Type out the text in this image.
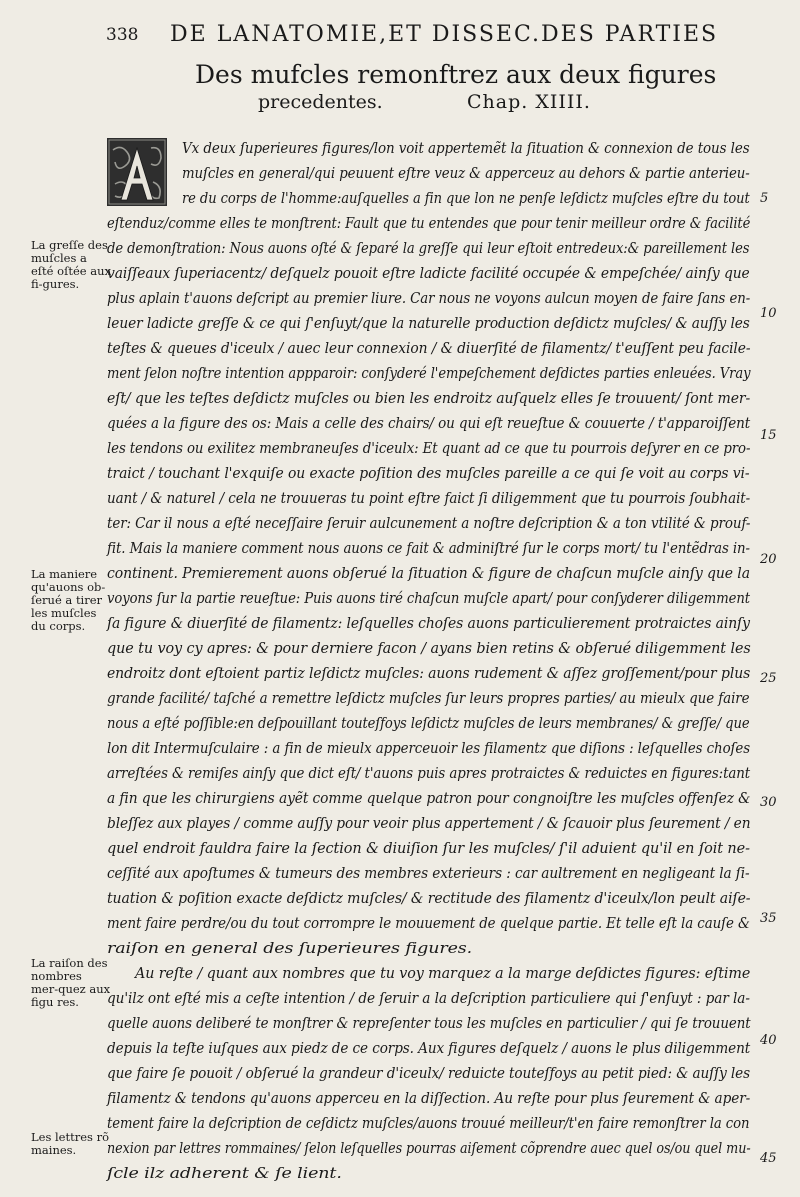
338 DE LANATOMIE,ET DISSEC.DES PARTIES
Des mufcles remonftrez aux deux figures
precedentes.	Chap. XIIII.
Vx deux ſuperieures figures/lon voit appertemẽt la ſituation & connexion de tous les
muſcles en general/qui peuuent eſtre veuz & apperceuz au dehors & partie anterieu-
re du corps de l'homme:auſquelles a fin que lon ne penſe leſdictz muſcles eſtre du tout
eſtenduz/comme elles te monſtrent: Fault que tu entendes que pour tenir meilleur ordre & facilité
de demonſtration: Nous auons oſté & ſeparé la greſſe qui leur eſtoit entredeux:& pareillement les
vaiſſeaux ſuperiacentz/ deſquelz pouoit eſtre ladicte facilité occupée & empeſchée/ ainſy que
plus aplain t'auons deſcript au premier liure. Car nous ne voyons aulcun moyen de faire ſans en-
leuer ladicte greſſe & ce qui ſ'enſuyt/que la naturelle production deſdictz muſcles/ & auſſy les
teſtes & queues d'iceulx / auec leur connexion / & diuerſité de filamentz/ t'euſſent peu facile-
ment ſelon noſtre intention appparoir: conſyderé l'empeſchement deſdictes parties enleuées. Vray
eſt/ que les teſtes deſdictz muſcles ou bien les endroitz auſquelz elles ſe trouuent/ ſont mer-
quées a la figure des os: Mais a celle des chairs/ ou qui eſt reueſtue & couuerte / t'apparoiſſent
les tendons ou exilitez membraneuſes d'iceulx: Et quant ad ce que tu pourrois deſyrer en ce pro-
traict / touchant l'exquiſe ou exacte poſition des muſcles pareille a ce qui ſe voit au corps vi-
uant / & naturel / cela ne trouueras tu point eſtre faict ſi diligemment que tu pourrois ſoubhait-
ter: Car il nous a eſté neceſſaire ſeruir aulcunement a noſtre deſcription & a ton vtilité & prouf-
fit. Mais la maniere comment nous auons ce fait & adminiſtré ſur le corps mort/ tu l'entẽdras in-
continent. Premierement auons obſerué la ſituation & figure de chaſcun muſcle ainſy que la
voyons ſur la partie reueſtue: Puis auons tiré chaſcun muſcle apart/ pour conſyderer diligemment
ſa figure & diuerſité de filamentz: leſquelles choſes auons particulierement protraictes ainſy
que tu voy cy apres: & pour derniere facon / ayans bien retins & obſerué diligemment les
endroitz dont eſtoient partiz leſdictz muſcles: auons rudement & aſſez groſſement/pour plus
grande facilité/ taſché a remettre leſdictz muſcles ſur leurs propres parties/ au mieulx que faire
nous a eſté poſſible:en deſpouillant touteſfoys leſdictz muſcles de leurs membranes/ & greſſe/ que
lon dit Intermuſculaire : a fin de mieulx apperceuoir les filamentz que diſions : leſquelles choſes
arreſtées & remiſes ainſy que dict eſt/ t'auons puis apres protraictes & reduictes en figures:tant
a fin que les chirurgiens ayẽt comme quelque patron pour congnoiſtre les muſcles offenſez &
bleſſez aux playes / comme auſſy pour veoir plus appertement / & ſcauoir plus ſeurement / en
quel endroit fauldra faire la ſection & diuiſion ſur les muſcles/ ſ'il aduient qu'il en ſoit ne-
ceſſité aux apoſtumes & tumeurs des membres exterieurs : car aultrement en negligeant la ſi-
tuation & poſition exacte deſdictz muſcles/ & rectitude des filamentz d'iceulx/lon peult aiſe-
ment faire perdre/ou du tout corrompre le mouuement de quelque partie. Et telle eſt la cauſe &
raiſon en general des ſuperieures figures.
Au reſte / quant aux nombres que tu voy marquez a la marge deſdictes figures: eſtime
qu'ilz ont eſté mis a ceſte intention / de ſeruir a la deſcription particuliere qui ſ'enſuyt : par la-
quelle auons deliberé te monſtrer & repreſenter tous les muſcles en particulier / qui ſe trouuent
depuis la teſte iuſques aux piedz de ce corps. Aux figures deſquelz / auons le plus diligemment
que faire ſe pouoit / obſerué la grandeur d'iceulx/ reduicte touteſfoys au petit pied: & auſſy les
filamentz & tendons qu'auons apperceu en la diſſection. Au reſte pour plus ſeurement & aper-
tement faire la deſcription de ceſdictz muſcles/auons trouué meilleur/t'en faire remonſtrer la con
nexion par lettres rommaines/ ſelon leſquelles pourras aiſement cõprendre auec quel os/ou quel mu-
ſcle ilz adherent & ſe lient.
La greſſe des muſcles a eſté oſtée aux fi-gures.
La maniere qu'auons ob-ſerué a tirer les muſcles du corps.
La raiſon des nombres mer-quez aux figu res.
Les lettres rõ maines.
5
10
15
20
25
30
35
40
45
